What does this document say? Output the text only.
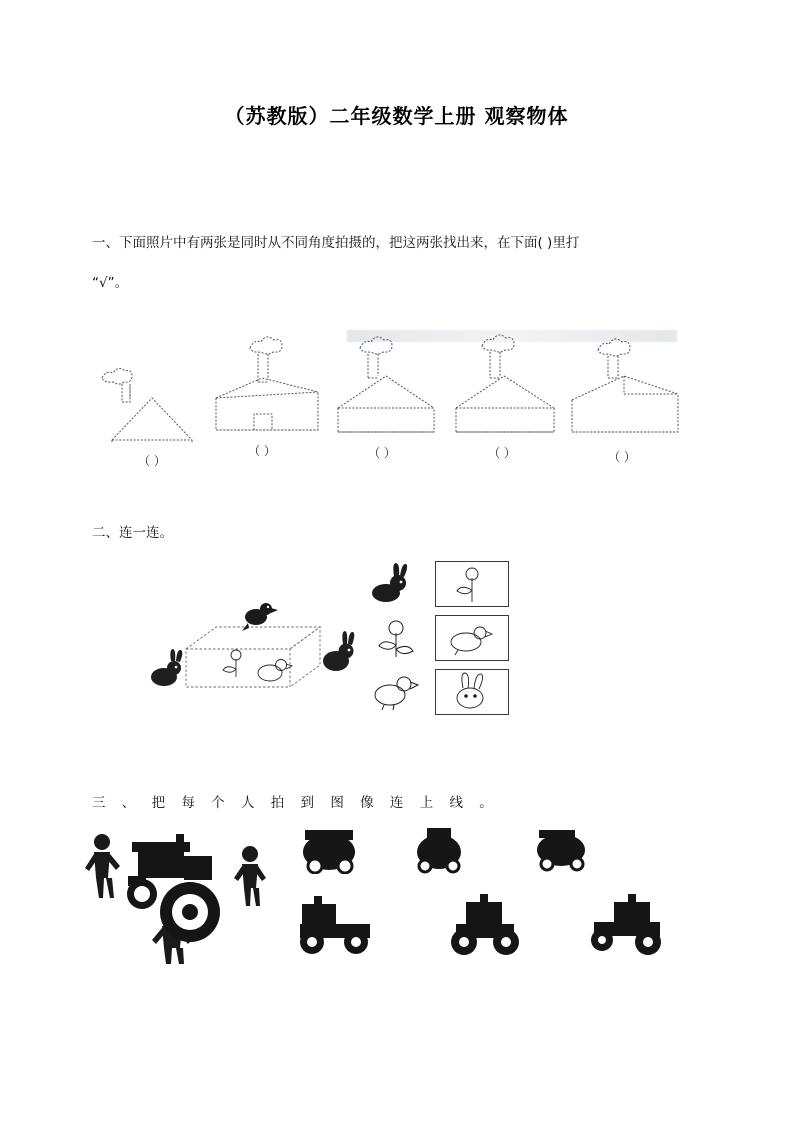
（苏教版）二年级数学上册 观察物体
一、下面照片中有两张是同时从不同角度拍摄的，把这两张找出来，在下面( )里打
“√”。
（ ）
（ ）	（ ）	（ ）	（ ）
二、连一连。
三 、 把 每 个 人 拍 到 图 像 连 上 线 。
